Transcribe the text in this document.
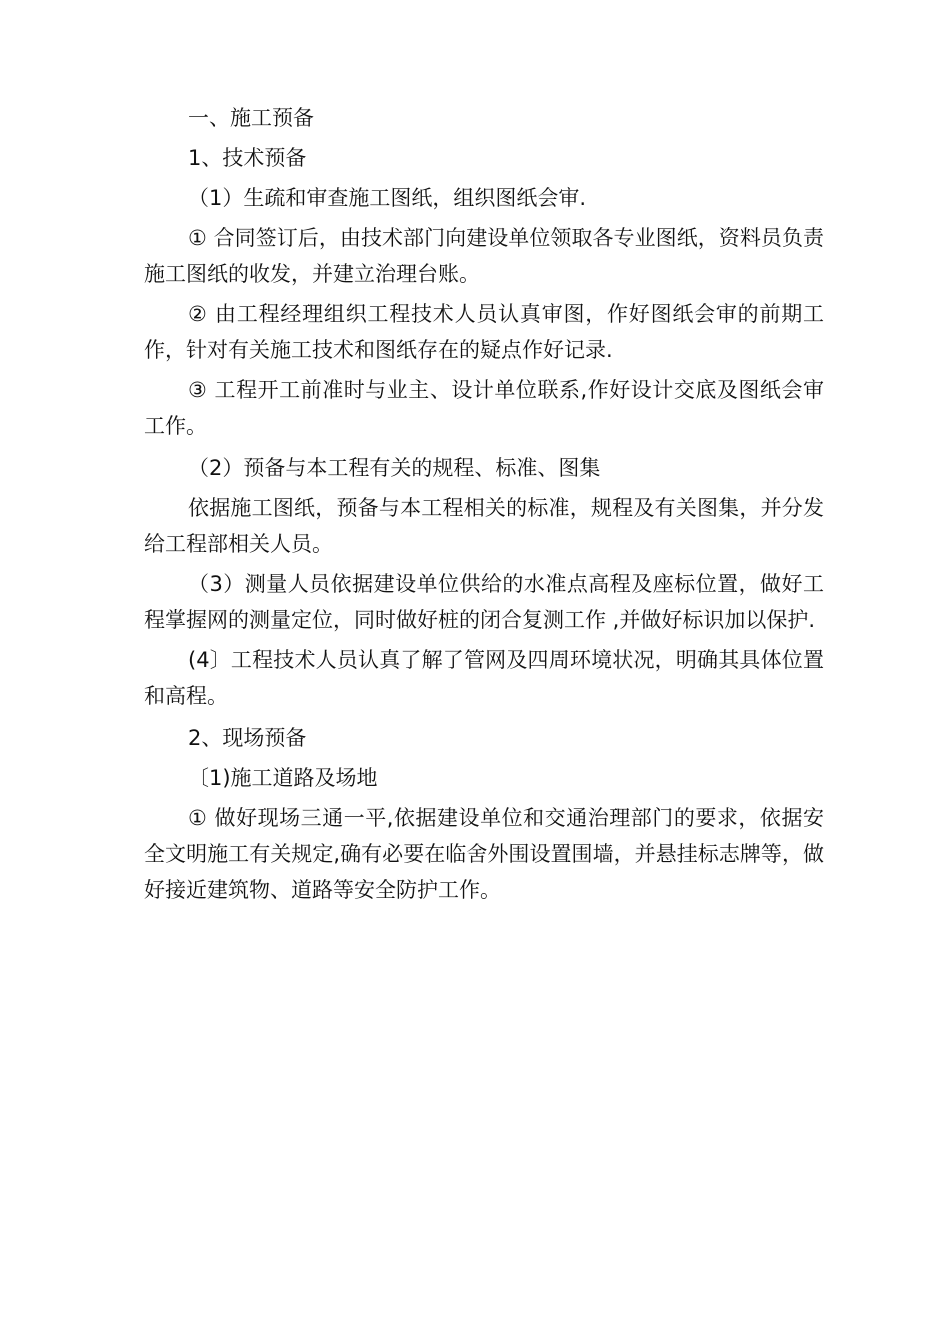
一、施工预备

1、技术预备

（1）生疏和审查施工图纸，组织图纸会审.

① 合同签订后，由技术部门向建设单位领取各专业图纸，资料员负责施工图纸的收发，并建立治理台账。

② 由工程经理组织工程技术人员认真审图，作好图纸会审的前期工作，针对有关施工技术和图纸存在的疑点作好记录.

③ 工程开工前准时与业主、设计单位联系,作好设计交底及图纸会审工作。

（2）预备与本工程有关的规程、标准、图集

依据施工图纸，预备与本工程相关的标准，规程及有关图集，并分发给工程部相关人员。

（3）测量人员依据建设单位供给的水准点高程及座标位置，做好工程掌握网的测量定位，同时做好桩的闭合复测工作 ,并做好标识加以保护.

(4〕工程技术人员认真了解了管网及四周环境状况，明确其具体位置和高程。

2、现场预备

〔1)施工道路及场地

① 做好现场三通一平,依据建设单位和交通治理部门的要求，依据安全文明施工有关规定,确有必要在临舍外围设置围墙，并悬挂标志牌等，做好接近建筑物、道路等安全防护工作。
